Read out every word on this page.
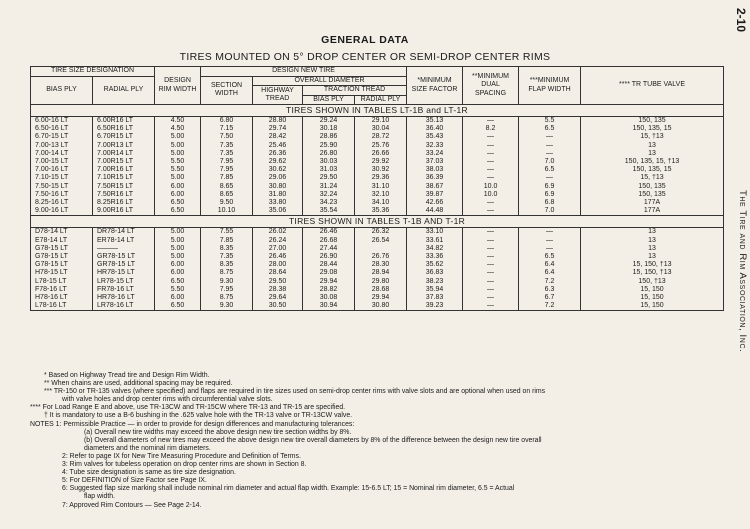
2-10
The Tire and Rim Association, Inc.
GENERAL DATA
TIRES MOUNTED ON 5° DROP CENTER OR SEMI-DROP CENTER RIMS
TIRE SIZE DESIGNATION		DESIGN RIM WIDTH	DESIGN NEW TIRE				*MINIMUM SIZE FACTOR	**MINIMUM DUAL SPACING	***MINIMUM FLAP WIDTH	**** TR TUBE VALVE
BIAS PLY	RADIAL PLY		SECTION WIDTH	OVERALL DIAMETER						
				HIGHWAY TREAD	TRACTION TREAD					
					BIAS PLY	RADIAL PLY				
TIRES SHOWN IN TABLES LT-1B and LT-1R										
6.00-16 LT	6.00R16 LT	4.50	6.80	28.80	29.24	29.10	35.13	—	5.5	150, 135
6.50-16 LT	6.50R16 LT	4.50	7.15	29.74	30.18	30.04	36.40	8.2	6.5	150, 135, 15
6.70-15 LT	6.70R15 LT	5.00	7.50	28.42	28.86	28.72	35.43	—	—	15, †13
7.00-13 LT	7.00R13 LT	5.00	7.35	25.46	25.90	25.76	32.33	—	—	13
7.00-14 LT	7.00R14 LT	5.00	7.35	26.36	26.80	26.66	33.24	—	—	13
7.00-15 LT	7.00R15 LT	5.50	7.95	29.62	30.03	29.92	37.03	—	7.0	150, 135, 15, †13
7.00-16 LT	7.00R16 LT	5.50	7.95	30.62	31.03	30.92	38.03	—	6.5	150, 135, 15
7.10-15 LT	7.10R15 LT	5.00	7.85	29.06	29.50	29.36	36.39	—	—	15, †13
7.50-15 LT	7.50R15 LT	6.00	8.65	30.80	31.24	31.10	38.67	10.0	6.9	150, 135
7.50-16 LT	7.50R16 LT	6.00	8.65	31.80	32.24	32.10	39.87	10.0	6.9	150, 135
8.25-16 LT	8.25R16 LT	6.50	9.50	33.80	34.23	34.10	42.66	—	6.8	177A
9.00-16 LT	9.00R16 LT	6.50	10.10	35.06	35.54	35.36	44.48	—	7.0	177A
TIRES SHOWN IN TABLES T-1B AND T-1R										
D78-14 LT	DR78-14 LT	5.00	7.55	26.02	26.46	26.32	33.10	—	—	13
E78-14 LT	ER78-14 LT	5.00	7.85	26.24	26.68	26.54	33.61	—	—	13
G78-15 LT	———	5.00	8.35	27.00	27.44		34.82	—	—	13
G78-15 LT	GR78-15 LT	5.00	7.35	26.46	26.90	26.76	33.36	—	6.5	13
G78-15 LT	GR78-15 LT	6.00	8.35	28.00	28.44	28.30	35.62	—	6.4	15, 150, †13
H78-15 LT	HR78-15 LT	6.00	8.75	28.64	29.08	28.94	36.83	—	6.4	15, 150, †13
L78-15 LT	LR78-15 LT	6.50	9.30	29.50	29.94	29.80	38.23	—	7.2	150, †13
F78-16 LT	FR78-16 LT	5.50	7.95	28.38	28.82	28.68	35.94	—	6.3	15, 150
H78-16 LT	HR78-16 LT	6.00	8.75	29.64	30.08	29.94	37.83	—	6.7	15, 150
L78-16 LT	LR78-16 LT	6.50	9.30	30.50	30.94	30.80	39.23	—	7.2	15, 150
* Based on Highway Tread tire and Design Rim Width.
** When chains are used, additional spacing may be required.
*** TR-150 or TR-135 valves (where specified) and flaps are required in tire sizes used on semi-drop center rims with valve slots and are optional when used on rims
with valve holes and drop center rims with circumferential valve slots.
**** For Load Range E and above, use TR-13CW and TR-15CW where TR-13 and TR-15 are specified.
† It is mandatory to use a B-6 bushing in the .625 valve hole with the TR-13 valve or TR-13CW valve.
NOTES 1: Permissible Practice — in order to provide for design differences and manufacturing tolerances:
(a) Overall new tire widths may exceed the above design new tire section widths by 8%.
(b) Overall diameters of new tires may exceed the above design new tire overall diameters by 8% of the difference between the design new tire overall
diameters and the nominal rim diameters.
2: Refer to page IX for New Tire Measuring Procedure and Definition of Terms.
3: Rim valves for tubeless operation on drop center rims are shown in Section 8.
4: Tube size designation is same as tire size designation.
5: For DEFINITION of Size Factor see Page IX.
6: Suggested flap size marking shall include nominal rim diameter and actual flap width. Example: 15-6.5 LT; 15 = Nominal rim diameter, 6.5 = Actual
flap width.
7: Approved Rim Contours — See Page 2-14.
